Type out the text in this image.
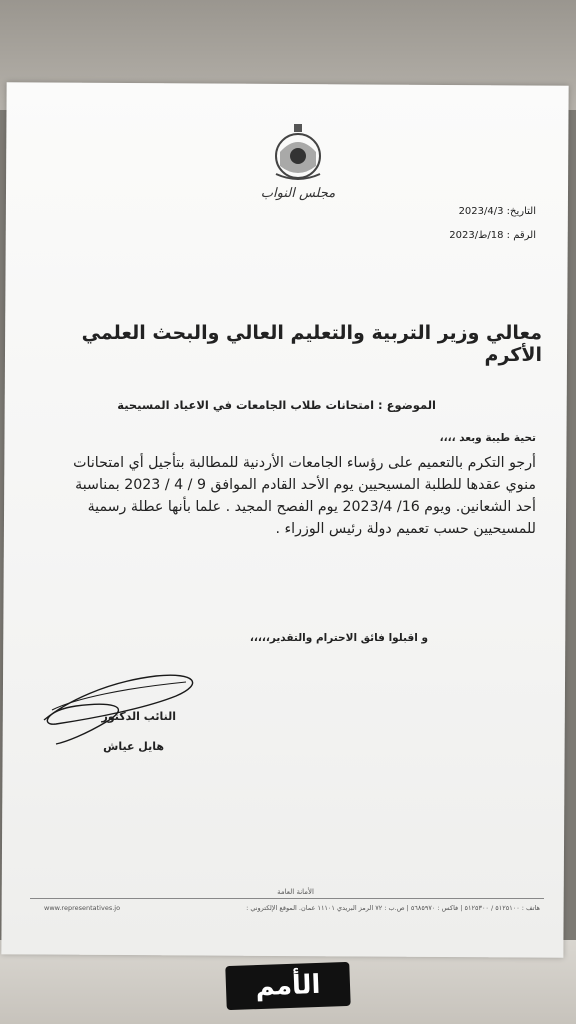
مجلس النواب
التاريخ: 2023/4/3
الرقم : 18/ط/2023
معالي وزير التربية والتعليم العالي والبحث العلمي الأكرم
الموضوع : امتحانات طلاب الجامعات في الاعياد المسيحية
تحية طيبة وبعد ،،،،
أرجو التكرم بالتعميم على رؤساء الجامعات الأردنية للمطالبة بتأجيل أي امتحانات
منوي عقدها للطلبة المسيحيين يوم الأحد القادم الموافق 9 / 4 / 2023 بمناسبة
أحد الشعانين. ويوم 16/ 2023/4 يوم الفصح المجيد . علما بأنها عطلة رسمية
للمسيحيين حسب تعميم دولة رئيس الوزراء .
و اقبلوا فائق الاحترام والتقدير،،،،،
النائب الدكتور
هايل عياش
الأمانة العامة
هاتف : ٥١٢٥١٠٠ / ٥١٢٥٣٠٠ | فاكس : ٥٦٨٥٩٧٠ | ص.ب : ٧٢ الرمز البريدي ١١١٠١ عمان. الموقع الإلكتروني :
www.representatives.jo
الأمم
